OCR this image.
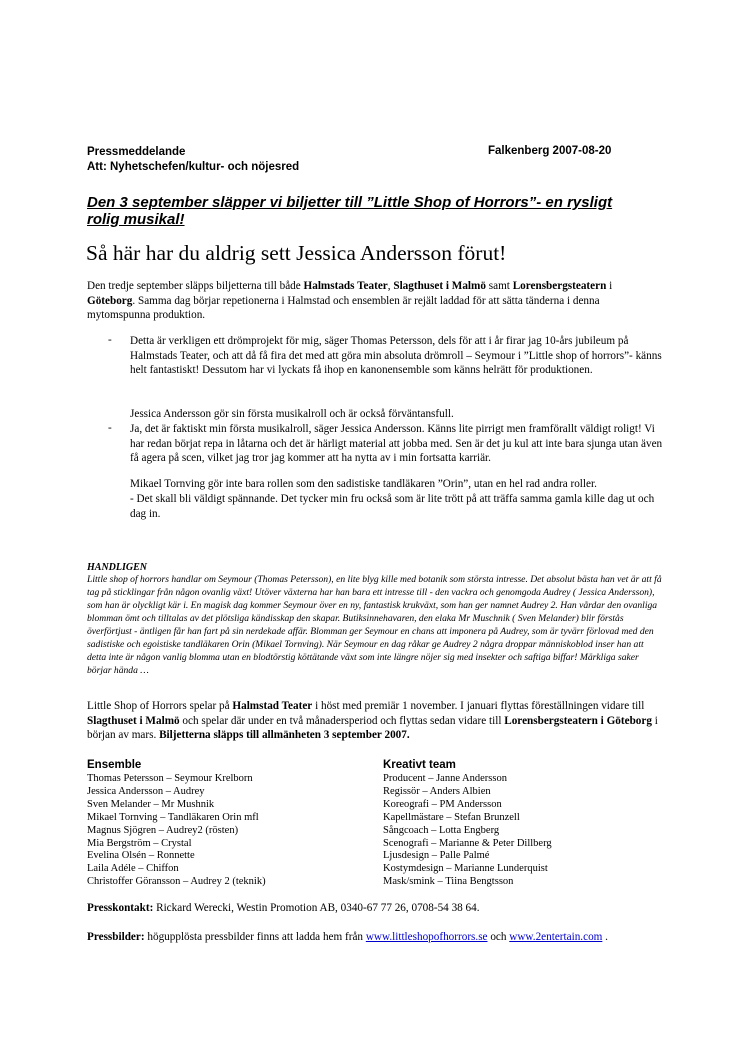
Pressmeddelande
Att: Nyhetschefen/kultur- och nöjesred
Falkenberg 2007-08-20
Den 3 september släpper vi biljetter till ”Little Shop of Horrors”- en rysligt
rolig musikal!
Så här har du aldrig sett Jessica Andersson förut!
Den tredje september släpps biljetterna till både Halmstads Teater, Slagthuset i Malmö samt Lorensbergsteatern i Göteborg. Samma dag börjar repetionerna i Halmstad och ensemblen är rejält laddad för att sätta tänderna i denna mytomspunna produktion.
- Detta är verkligen ett drömprojekt för mig, säger Thomas Petersson, dels för att i år firar jag 10-års jubileum på Halmstads Teater, och att då få fira det med att göra min absoluta drömroll – Seymour i ”Little shop of horrors”- känns helt fantastiskt! Dessutom har vi lyckats få ihop en kanonensemble som känns helrätt för produktionen.
Jessica Andersson gör sin första musikalroll och är också förväntansfull.
- Ja, det är faktiskt min första musikalroll, säger Jessica Andersson. Känns lite pirrigt men framförallt väldigt roligt! Vi har redan börjat repa in låtarna och det är härligt material att jobba med. Sen är det ju kul att inte bara sjunga utan även få agera på scen, vilket jag tror jag kommer att ha nytta av i min fortsatta karriär.
Mikael Tornving gör inte bara rollen som den sadistiske tandläkaren ”Orin”, utan en hel rad andra roller.
- Det skall bli väldigt spännande. Det tycker min fru också som är lite trött på att träffa samma gamla kille dag ut och dag in.
HANDLIGEN
Little shop of horrors handlar om Seymour (Thomas Petersson), en lite blyg kille med botanik som största intresse. Det absolut bästa han vet är att få tag på sticklingar från någon ovanlig växt! Utöver växterna har han bara ett intresse till - den vackra och genomgoda Audrey ( Jessica Andersson), som han är olyckligt kär i. En magisk dag kommer Seymour över en ny, fantastisk krukväxt, som han ger namnet Audrey 2. Han vårdar den ovanliga blomman ömt och tilltalas av det plötsliga kändisskap den skapar. Butiksinnehavaren, den elaka Mr Muschnik ( Sven Melander) blir förstås överförtjust - äntligen får han fart på sin nerdekade affär. Blomman ger Seymour en chans att imponera på Audrey, som är tyvärr förlovad med den sadistiske och egoistiske tandläkaren Orin (Mikael Tornving). När Seymour en dag råkar ge Audrey 2 några droppar människoblod inser han att detta inte är någon vanlig blomma utan en blodtörstig köttätande växt som inte längre nöjer sig med insekter och saftiga biffar! Märkliga saker börjar hända …
Little Shop of Horrors spelar på Halmstad Teater i höst med premiär 1 november. I januari flyttas föreställningen vidare till Slagthuset i Malmö och spelar där under en två månadersperiod och flyttas sedan vidare till Lorensbergsteatern i Göteborg i början av mars. Biljetterna släpps till allmänheten 3 september 2007.
Ensemble
Thomas Petersson – Seymour Krelborn
Jessica Andersson – Audrey
Sven Melander – Mr Mushnik
Mikael Tornving – Tandläkaren Orin mfl
Magnus Sjögren – Audrey2 (rösten)
Mia Bergström – Crystal
Evelina Olsén – Ronnette
Laila Adéle – Chiffon
Christoffer Göransson – Audrey 2 (teknik)
Kreativt team
Producent – Janne Andersson
Regissör – Anders Albien
Koreografi – PM Andersson
Kapellmästare – Stefan Brunzell
Sångcoach – Lotta Engberg
Scenografi – Marianne & Peter Dillberg
Ljusdesign – Palle Palmé
Kostymdesign – Marianne Lunderquist
Mask/smink – Tiina Bengtsson
Presskontakt: Rickard Werecki, Westin Promotion AB, 0340-67 77 26, 0708-54 38 64.
Pressbilder: högupplösta pressbilder finns att ladda hem från www.littleshopofhorrors.se och www.2entertain.com .
